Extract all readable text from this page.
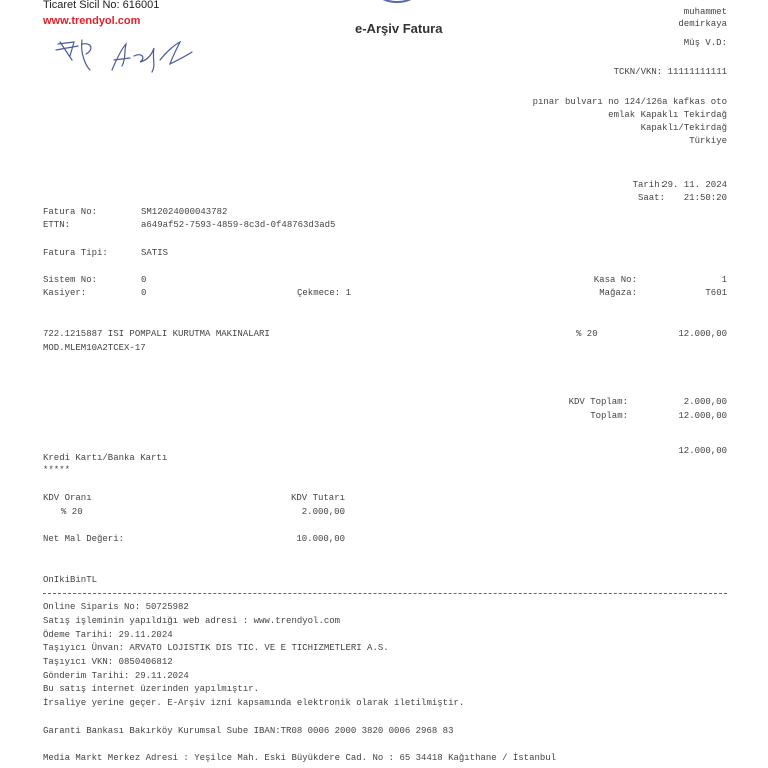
Ticaret Sicil No: 616001
www.trendyol.com	e-Arşiv Fatura
muhammet
demirkaya
Müş V.D:
TCKN/VKN: 11111111111
pınar bulvarı no 124/126a kafkas oto
emlak Kapaklı Tekirdağ
Kapaklı/Tekirdağ
Türkiye
Tarih:
29. 11. 2024
Saat: 21:50:20
Fatura No:	SM12024000043782
ETTN:	a649af52-7593-4859-8c3d-0f48763d3ad5
Fatura Tipi:	SATIS
Sistem No:	0
Kasiyer:	0	Çekmece: 1
Kasa No:	1
Mağaza:	T601
722.1215887 ISI POMPALI KURUTMA MAKINALARI
MOD.MLEM10A2TCEX-17
% 20	12.000,00
KDV Toplam:	2.000,00
Toplam:	12.000,00
12.000,00
Kredi Kartı/Banka Kartı
*****
KDV Oranı	KDV Tutarı
% 20	2.000,00
Net Mal Değeri:	10.000,00
OnIkiBinTL
Online Siparis No: 50725982
Satış işleminin yapıldığı web adresi : www.trendyol.com
Ödeme Tarihi: 29.11.2024
Taşıyıcı Ünvan: ARVATO LOJISTIK DIS TIC. VE E TICHIZMETLERI A.S.
Taşıyıcı VKN: 0850406812
Gönderim Tarihi: 29.11.2024
Bu satış internet üzerinden yapılmıştır.
İrsaliye yerine geçer. E-Arşiv izni kapsamında elektronik olarak iletilmiştir.
Garanti Bankası Bakırköy Kurumsal Sube IBAN:TR08 0006 2000 3820 0006 2968 83
Media Markt Merkez Adresi : Yeşilce Mah. Eski Büyükdere Cad. No : 65 34418 Kağıthane / İstanbul
